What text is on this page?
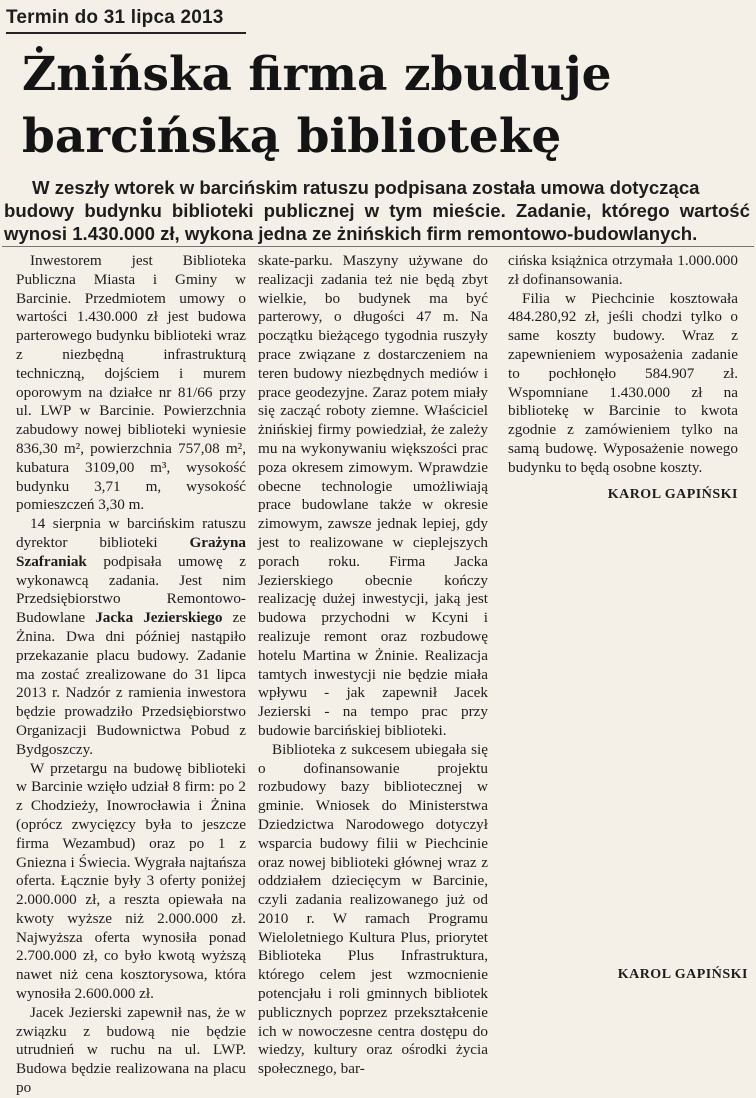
Termin do 31 lipca 2013
Żnińska firma zbuduje
barcińską bibliotekę
W zeszły wtorek w barcińskim ratuszu podpisana została umowa dotycząca
budowy budynku biblioteki publicznej w tym mieście. Zadanie, którego wartość wynosi 1.430.000 zł, wykona jedna ze żnińskich firm remontowo-budowlanych.

Inwestorem jest Biblioteka Publiczna Miasta i Gminy w Barcinie. Przedmiotem umowy o wartości 1.430.000 zł jest budowa parterowego budynku biblioteki wraz z niezbędną infrastrukturą techniczną, dojściem i murem oporowym na działce nr 81/66 przy ul. LWP w Barcinie. Powierzchnia zabudowy nowej biblioteki wyniesie 836,30 m², powierzchnia 757,08 m², kubatura 3109,00 m³, wysokość budynku 3,71 m, wysokość pomieszczeń 3,30 m.

14 sierpnia w barcińskim ratuszu dyrektor biblioteki Grażyna Szafraniak podpisała umowę z wykonawcą zadania. Jest nim Przedsiębiorstwo Remontowo-Budowlane Jacka Jezierskiego ze Żnina. Dwa dni później nastąpiło przekazanie placu budowy. Zadanie ma zostać zrealizowane do 31 lipca 2013 r. Nadzór z ramienia inwestora będzie prowadziło Przedsiębiorstwo Organizacji Budownictwa Pobud z Bydgoszczy.

W przetargu na budowę biblioteki w Barcinie wzięło udział 8 firm: po 2 z Chodzieży, Inowrocławia i Żnina (oprócz zwycięzcy była to jeszcze firma Wezambud) oraz po 1 z Gniezna i Świecia. Wygrała najtańsza oferta. Łącznie były 3 oferty poniżej 2.000.000 zł, a reszta opiewała na kwoty wyższe niż 2.000.000 zł. Najwyższa oferta wynosiła ponad 2.700.000 zł, co było kwotą wyższą nawet niż cena kosztorysowa, która wynosiła 2.600.000 zł.

Jacek Jezierski zapewnił nas, że w związku z budową nie będzie utrudnień w ruchu na ul. LWP. Budowa będzie realizowana na placu po

skate-parku. Maszyny używane do realizacji zadania też nie będą zbyt wielkie, bo budynek ma być parterowy, o długości 47 m. Na początku bieżącego tygodnia ruszyły prace związane z dostarczeniem na teren budowy niezbędnych mediów i prace geodezyjne. Zaraz potem miały się zacząć roboty ziemne. Właściciel żnińskiej firmy powiedział, że zależy mu na wykonywaniu większości prac poza okresem zimowym. Wprawdzie obecne technologie umożliwiają prace budowlane także w okresie zimowym, zawsze jednak lepiej, gdy jest to realizowane w cieplejszych porach roku. Firma Jacka Jezierskiego obecnie kończy realizację dużej inwestycji, jaką jest budowa przychodni w Kcyni i realizuje remont oraz rozbudowę hotelu Martina w Żninie. Realizacja tamtych inwestycji nie będzie miała wpływu - jak zapewnił Jacek Jezierski - na tempo prac przy budowie barcińskiej biblioteki.

Biblioteka z sukcesem ubiegała się o dofinansowanie projektu rozbudowy bazy bibliotecznej w gminie. Wniosek do Ministerstwa Dziedzictwa Narodowego dotyczył wsparcia budowy filii w Piechcinie oraz nowej biblioteki głównej wraz z oddziałem dziecięcym w Barcinie, czyli zadania realizowanego już od 2010 r. W ramach Programu Wieloletniego Kultura Plus, priorytet Biblioteka Plus Infrastruktura, którego celem jest wzmocnienie potencjału i roli gminnych bibliotek publicznych poprzez przekształcenie ich w nowoczesne centra dostępu do wiedzy, kultury oraz ośrodki życia społecznego, bar-

cińska książnica otrzymała 1.000.000 zł dofinansowania.

Filia w Piechcinie kosztowała 484.280,92 zł, jeśli chodzi tylko o same koszty budowy. Wraz z zapewnieniem wyposażenia zadanie to pochłonęło 584.907 zł. Wspomniane 1.430.000 zł na bibliotekę w Barcinie to kwota zgodnie z zamówieniem tylko na samą budowę. Wyposażenie nowego budynku to będą osobne koszty.

KAROL GAPIŃSKI
KAROL GAPIŃSKI
